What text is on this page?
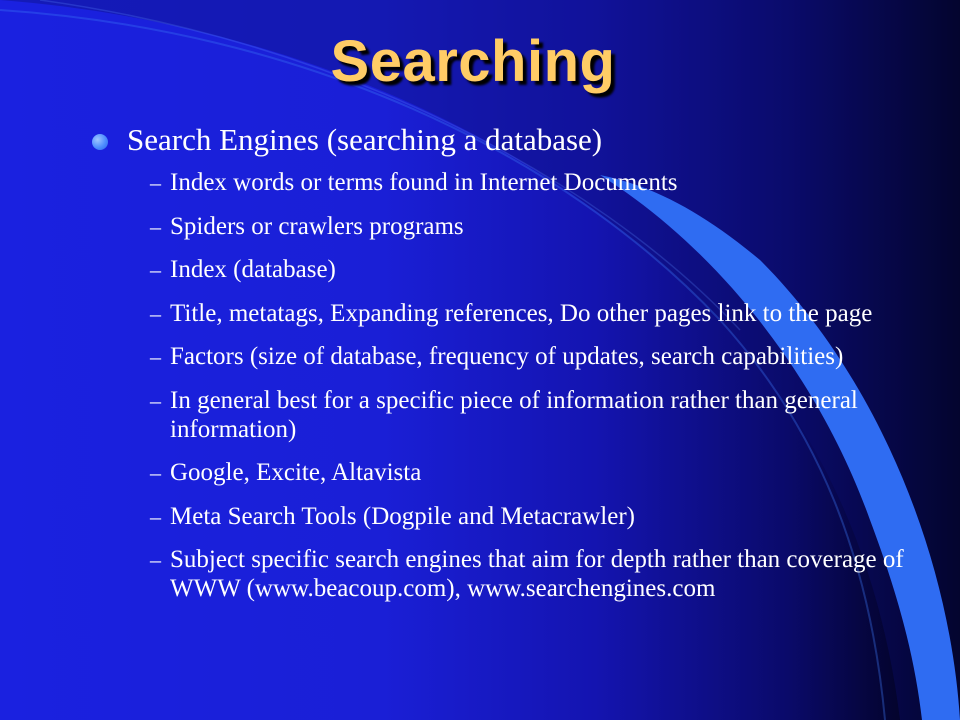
Searching
Search Engines (searching a database)
– Index words or terms found in Internet Documents
– Spiders or crawlers programs
– Index (database)
– Title, metatags, Expanding references, Do other pages link to the page
– Factors (size of database, frequency of updates, search capabilities)
– In general best for a specific piece of information rather than general information)
– Google, Excite, Altavista
– Meta Search Tools (Dogpile and Metacrawler)
– Subject specific search engines that aim for depth rather than coverage of WWW (www.beacoup.com), www.searchengines.com
